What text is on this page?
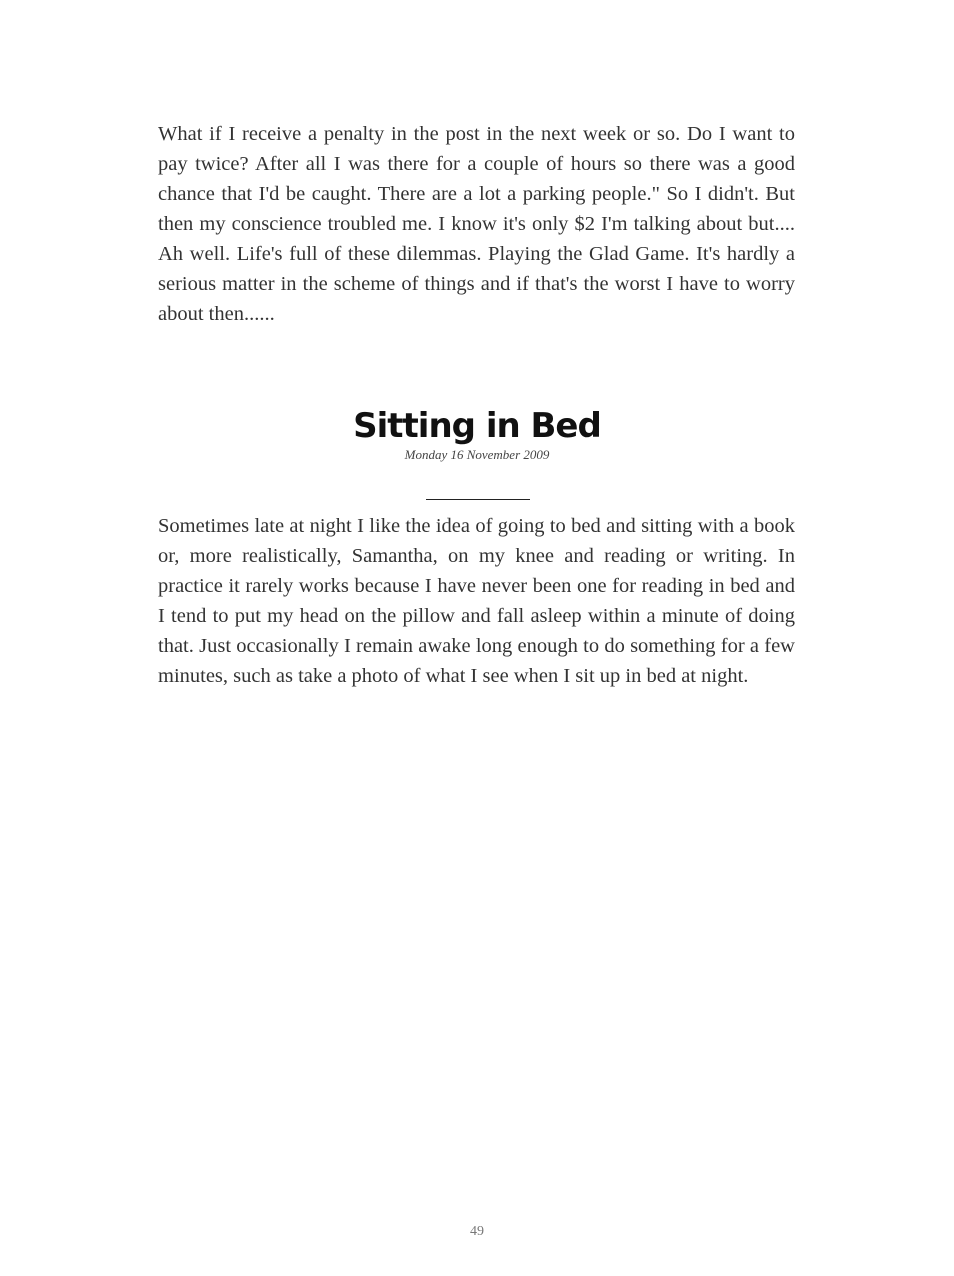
What if I receive a penalty in the post in the next week or so. Do I want to pay twice? After all I was there for a couple of hours so there was a good chance that I'd be caught. There are a lot a parking people." So I didn't. But then my conscience troubled me. I know it's only $2 I'm talking about but.... Ah well. Life's full of these dilemmas. Playing the Glad Game. It's hardly a serious matter in the scheme of things and if that's the worst I have to worry about then......

Sitting in Bed
Monday 16 November 2009

Sometimes late at night I like the idea of going to bed and sitting with a book or, more realistically, Samantha, on my knee and reading or writing. In practice it rarely works because I have never been one for reading in bed and I tend to put my head on the pillow and fall asleep within a minute of doing that. Just occasionally I remain awake long enough to do something for a few minutes, such as take a photo of what I see when I sit up in bed at night.

49
